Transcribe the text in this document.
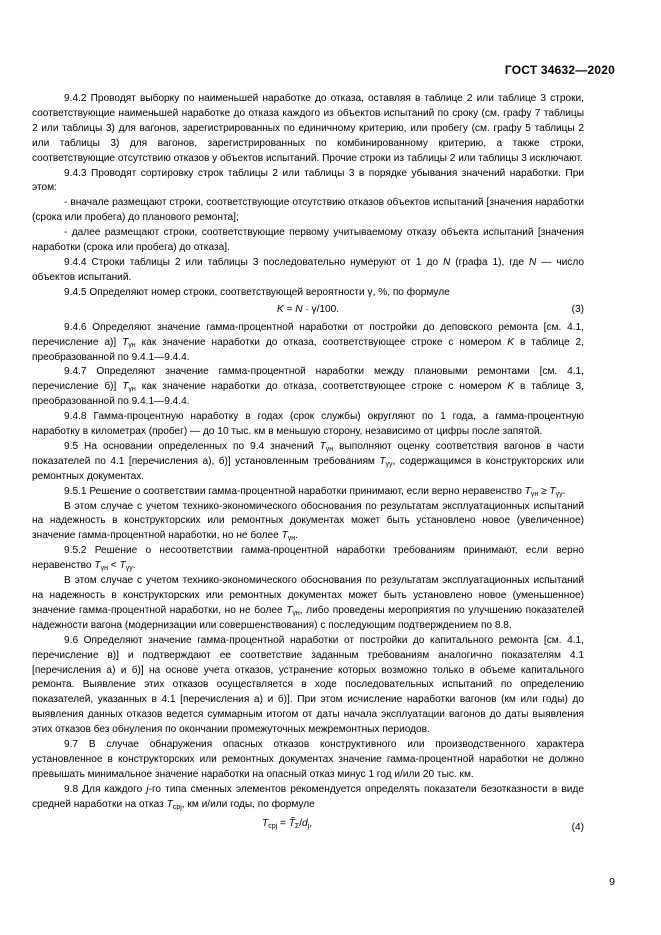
ГОСТ 34632—2020

9.4.2 Проводят выборку по наименьшей наработке до отказа, оставляя в таблице 2 или таблице 3 строки, соответствующие наименьшей наработке до отказа каждого из объектов испытаний по сроку (см. графу 7 таблицы 2 или таблицы 3) для вагонов, зарегистрированных по единичному критерию, или пробегу (см. графу 5 таблицы 2 или таблицы 3) для вагонов, зарегистрированных по комбинированному критерию, а также строки, соответствующие отсутствию отказов у объектов испытаний. Прочие строки из таблицы 2 или таблицы 3 исключают.

9.4.3 Проводят сортировку строк таблицы 2 или таблицы 3 в порядке убывания значений наработки. При этом:

- вначале размещают строки, соответствующие отсутствию отказов объектов испытаний [значения наработки (срока или пробега) до планового ремонта];

- далее размещают строки, соответствующие первому учитываемому отказу объекта испытаний [значения наработки (срока или пробега) до отказа].

9.4.4 Строки таблицы 2 или таблицы 3 последовательно нумеруют от 1 до N (графа 1), где N — число объектов испытаний.

9.4.5 Определяют номер строки, соответствующей вероятности γ, %, по формуле

K = N · γ/100.	(3)

9.4.6 Определяют значение гамма-процентной наработки от постройки до деповского ремонта [см. 4.1, перечисление а)] $T_{\gamma н}$ как значение наработки до отказа, соответствующее строке с номером K в таблице 2, преобразованной по 9.4.1—9.4.4.

9.4.7 Определяют значение гамма-процентной наработки между плановыми ремонтами [см. 4.1, перечисление б)] $T_{\gamma н}$ как значение наработки до отказа, соответствующее строке с номером K в таблице 3, преобразованной по 9.4.1—9.4.4.

9.4.8 Гамма-процентную наработку в годах (срок службы) округляют по 1 года, а гамма-процентную наработку в километрах (пробег) — до 10 тыс. км в меньшую сторону, независимо от цифры после запятой.

9.5 На основании определенных по 9.4 значений $T_{\gamma н}$ выполняют оценку соответствия вагонов в части показателей по 4.1 [перечисления а), б)] установленным требованиям $T_{\gamma у}$, содержащимся в конструкторских или ремонтных документах.

9.5.1 Решение о соответствии гамма-процентной наработки принимают, если верно неравенство $T_{\gamma н} \ge T_{\gamma у}$.

В этом случае с учетом технико-экономического обоснования по результатам эксплуатационных испытаний на надежность в конструкторских или ремонтных документах может быть установлено новое (увеличенное) значение гамма-процентной наработки, но не более $T_{\gamma н}$.

9.5.2 Решение о несоответствии гамма-процентной наработки требованиям принимают, если верно неравенство $T_{\gamma н} < T_{\gamma у}$.

В этом случае с учетом технико-экономического обоснования по результатам эксплуатационных испытаний на надежность в конструкторских или ремонтных документах может быть установлено новое (уменьшенное) значение гамма-процентной наработки, но не более $T_{\gamma н}$, либо проведены мероприятия по улучшению показателей надежности вагона (модернизации или совершенствования) с последующим подтверждением по 8.8.

9.6 Определяют значение гамма-процентной наработки от постройки до капитального ремонта [см. 4.1, перечисление в)] и подтверждают ее соответствие заданным требованиям аналогично показателям 4.1 [перечисления а) и б)] на основе учета отказов, устранение которых возможно только в объеме капитального ремонта. Выявление этих отказов осуществляется в ходе последовательных испытаний по определению показателей, указанных в 4.1 [перечисления а) и б)]. При этом исчисление наработки вагонов (км или годы) до выявления данных отказов ведется суммарным итогом от даты начала эксплуатации вагонов до даты выявления этих отказов без обнуления по окончании промежуточных межремонтных периодов.

9.7 В случае обнаружения опасных отказов конструктивного или производственного характера установленное в конструкторских или ремонтных документах значение гамма-процентной наработки не должно превышать минимальное значение наработки на опасный отказ минус 1 год и/или 20 тыс. км.

9.8 Для каждого j-го типа сменных элементов рекомендуется определять показатели безотказности в виде средней наработки на отказ $T_{срj}$, км и/или годы, по формуле

$T_{срj}$ = $T̃_\Sigma/d_j$,	(4)
9
